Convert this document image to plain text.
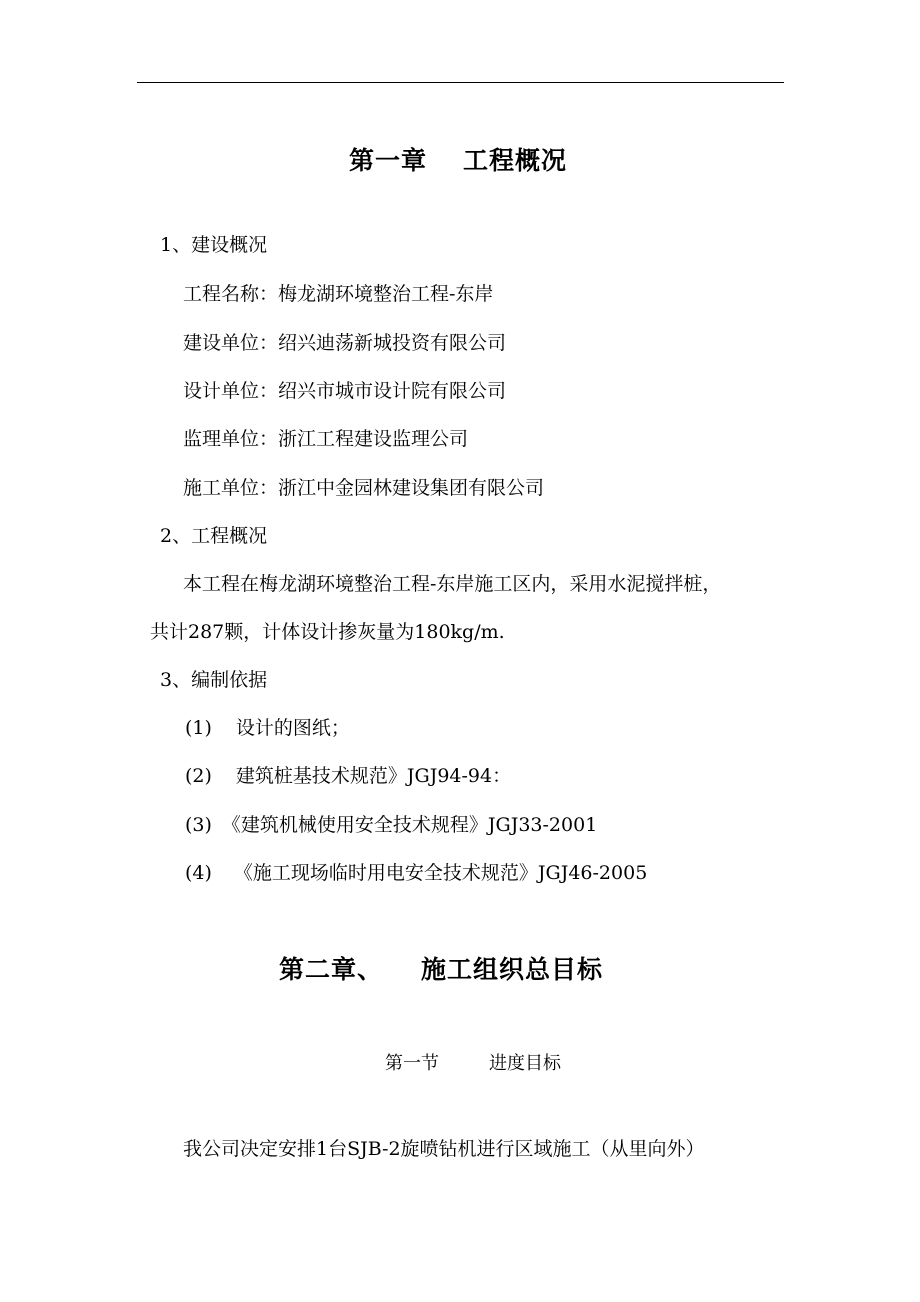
第一章 工程概况
1、建设概况
工程名称：梅龙湖环境整治工程-东岸
建设单位：绍兴迪荡新城投资有限公司
设计单位：绍兴市城市设计院有限公司
监理单位：浙江工程建设监理公司
施工单位：浙江中金园林建设集团有限公司
2、工程概况
本工程在梅龙湖环境整治工程-东岸施工区内，采用水泥搅拌桩，
共计287颗，计体设计掺灰量为180kg/m.
3、编制依据
(1) 设计的图纸；
(2) 建筑桩基技术规范》JGJ94-94：
(3) 《建筑机械使用安全技术规程》JGJ33-2001
(4) 《施工现场临时用电安全技术规范》JGJ46-2005
第二章、 施工组织总目标
第一节	进度目标
我公司决定安排1台SJB-2旋喷钻机进行区域施工（从里向外）
